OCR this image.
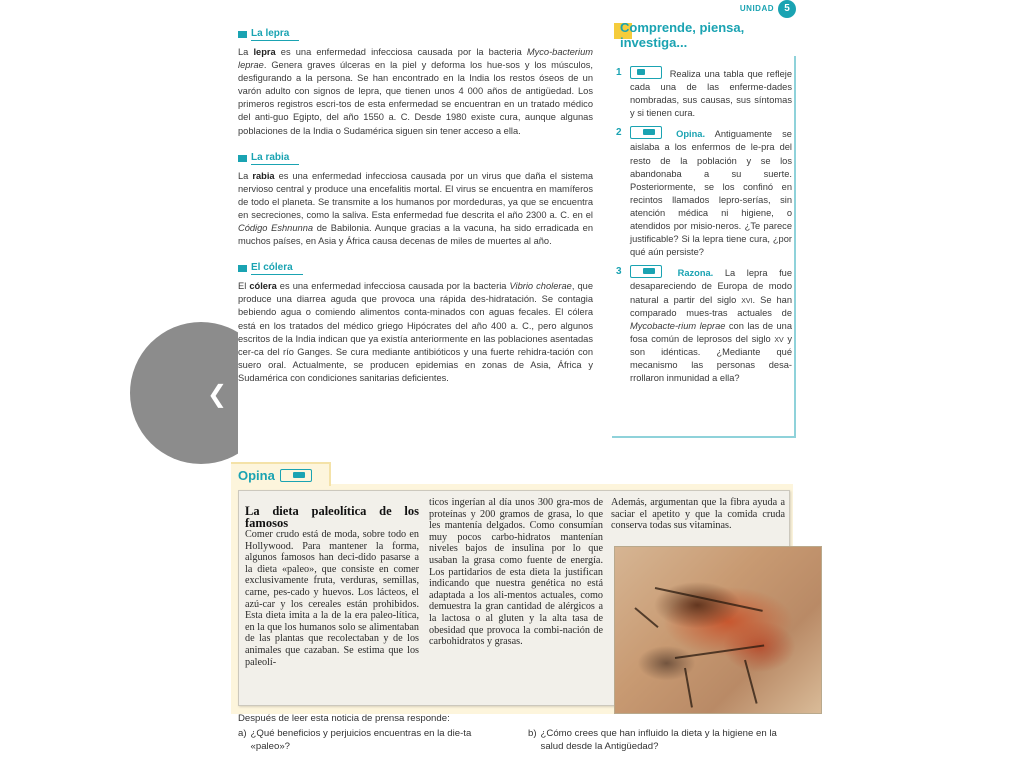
UNIDAD	5
La lepra

La lepra es una enfermedad infecciosa causada por la bacteria Myco-bacterium leprae. Genera graves úlceras en la piel y deforma los hue-sos y los músculos, desfigurando a la persona. Se han encontrado en la India los restos óseos de un varón adulto con signos de lepra, que tienen unos 4 000 años de antigüedad. Los primeros registros escri-tos de esta enfermedad se encuentran en un tratado médico del anti-guo Egipto, del año 1550 a. C. Desde 1980 existe cura, aunque algunas poblaciones de la India o Sudamérica siguen sin tener acceso a ella.

La rabia

La rabia es una enfermedad infecciosa causada por un virus que daña el sistema nervioso central y produce una encefalitis mortal. El virus se encuentra en mamíferos de todo el planeta. Se transmite a los humanos por mordeduras, ya que se encuentra en secreciones, como la saliva. Esta enfermedad fue descrita el año 2300 a. C. en el Código Eshnunna de Babilonia. Aunque gracias a la vacuna, ha sido erradicada en muchos países, en Asia y África causa decenas de miles de muertes al año.

El cólera

El cólera es una enfermedad infecciosa causada por la bacteria Vibrio cholerae, que produce una diarrea aguda que provoca una rápida des-hidratación. Se contagia bebiendo agua o comiendo alimentos conta-minados con aguas fecales. El cólera está en los tratados del médico griego Hipócrates del año 400 a. C., pero algunos escritos de la India indican que ya existía anteriormente en las poblaciones asentadas cer-ca del río Ganges. Se cura mediante antibióticos y una fuerte rehidra-tación con suero oral. Actualmente, se producen epidemias en zonas de Asia, África y Sudamérica con condiciones sanitarias deficientes.

Comprende, piensa, investiga...
1	Realiza una tabla que refleje cada una de las enferme-dades nombradas, sus causas, sus síntomas y si tienen cura.
2	Opina. Antiguamente se aislaba a los enfermos de le-pra del resto de la población y se los abandonaba a su suerte. Posteriormente, se los confinó en recintos llamados lepro-serías, sin atención médica ni higiene, o atendidos por misio-neros. ¿Te parece justificable? Si la lepra tiene cura, ¿por qué aún persiste?
3	Razona. La lepra fue desapareciendo de Europa de modo natural a partir del siglo xvi. Se han comparado mues-tras actuales de Mycobacte-rium leprae con las de una fosa común de leprosos del siglo xv y son idénticas. ¿Mediante qué mecanismo las personas desa-rrollaron inmunidad a ella?
❮
Opina
La dieta paleolítica de los famosos
Comer crudo está de moda, sobre todo en Hollywood. Para mantener la forma, algunos famosos han deci-dido pasarse a la dieta «paleo», que consiste en comer exclusivamente fruta, verduras, semillas, carne, pes-cado y huevos. Los lácteos, el azú-car y los cereales están prohibidos. Esta dieta imita a la de la era paleo-lítica, en la que los humanos solo se alimentaban de las plantas que recolectaban y de los animales que cazaban. Se estima que los paleolí-
ticos ingerían al día unos 300 gra-mos de proteínas y 200 gramos de grasa, lo que les mantenía delgados. Como consumían muy pocos carbo-hidratos mantenían niveles bajos de insulina por lo que usaban la grasa como fuente de energía. Los partidarios de esta dieta la justifican indicando que nuestra genética no está adaptada a los ali-mentos actuales, como demuestra la gran cantidad de alérgicos a la lactosa o al gluten y la alta tasa de obesidad que provoca la combi-nación de carbohidratos y grasas.
Además, argumentan que la fibra ayuda a saciar el apetito y que la comida cruda conserva todas sus vitaminas.

Después de leer esta noticia de prensa responde:

a) ¿Qué beneficios y perjuicios encuentras en la die-ta «paleo»?
b) ¿Cómo crees que han influido la dieta y la higiene en la salud desde la Antigüedad?
